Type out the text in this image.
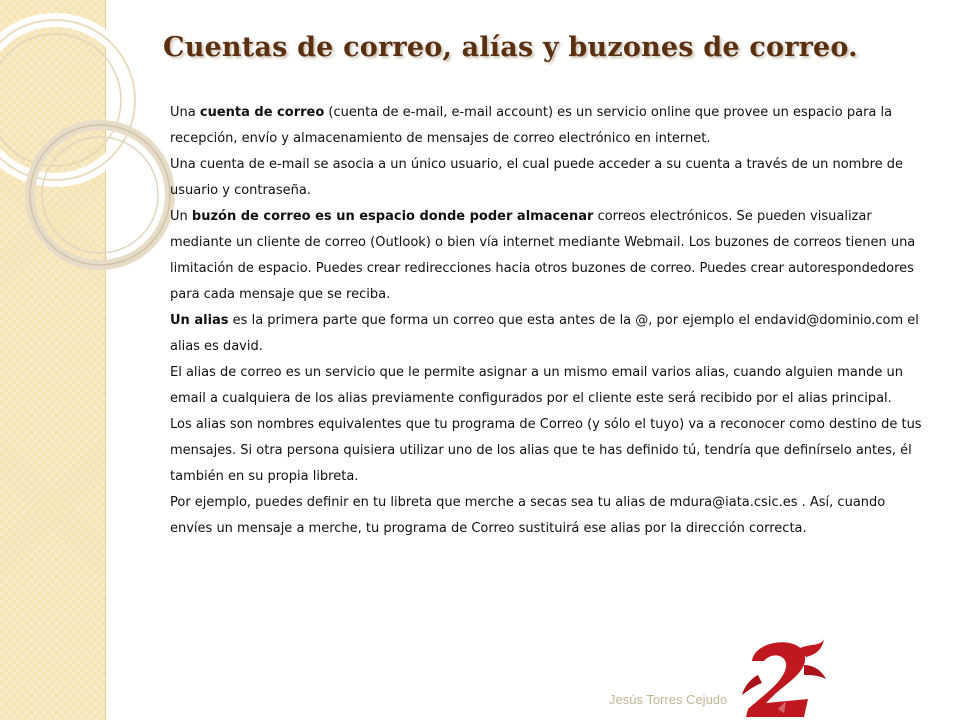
Cuentas de correo, alías y buzones de correo.

Una cuenta de correo (cuenta de e-mail, e-mail account) es un servicio online que provee un espacio para la recepción, envío y almacenamiento de mensajes de correo electrónico en internet.

Una cuenta de e-mail se asocia a un único usuario, el cual puede acceder a su cuenta a través de un nombre de usuario y contraseña.

Un buzón de correo es un espacio donde poder almacenar correos electrónicos. Se pueden visualizar mediante un cliente de correo (Outlook) o bien vía internet mediante Webmail. Los buzones de correos tienen una limitación de espacio. Puedes crear redirecciones hacia otros buzones de correo. Puedes crear autorespondedores para cada mensaje que se reciba.

Un alias es la primera parte que forma un correo que esta antes de la @, por ejemplo el endavid@dominio.com el alias es david.

El alias de correo es un servicio que le permite asignar a un mismo email varios alias, cuando alguien mande un email a cualquiera de los alias previamente configurados por el cliente este será recibido por el alias principal.

Los alias son nombres equivalentes que tu programa de Correo (y sólo el tuyo) va a reconocer como destino de tus mensajes. Si otra persona quisiera utilizar uno de los alias que te has definido tú, tendría que definírselo antes, él también en su propia libreta.

Por ejemplo, puedes definir en tu libreta que merche a secas sea tu alias de mdura@iata.csic.es . Así, cuando envíes un mensaje a merche, tu programa de Correo sustituirá ese alias por la dirección correcta.

Jesús Torres Cejudo
